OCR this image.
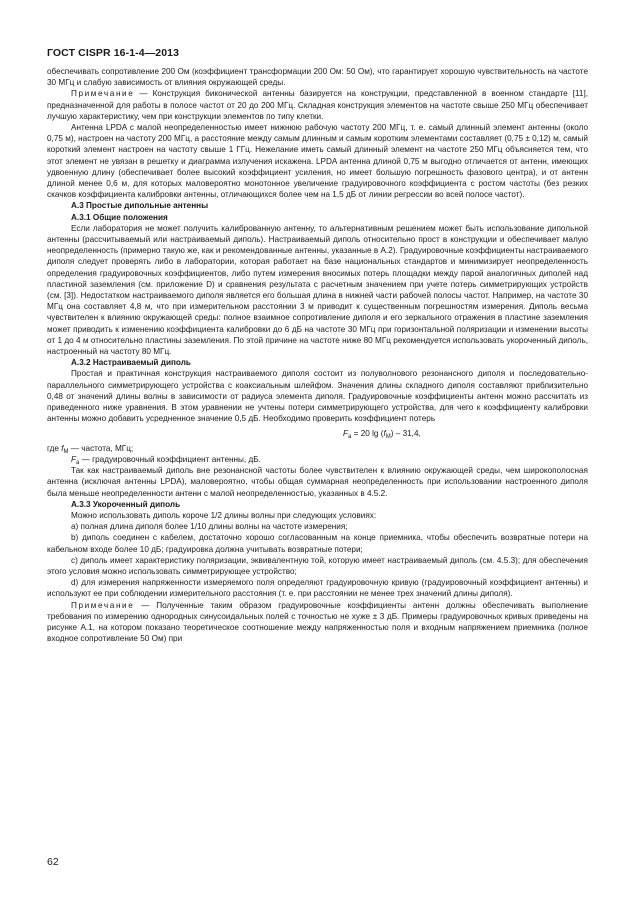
ГОСТ CISPR 16-1-4—2013

обеспечивать сопротивление 200 Ом (коэффициент трансформации 200 Ом: 50 Ом), что гарантирует хорошую чувствительность на частоте 30 МГц и слабую зависимость от влияния окружающей среды.

Примечание — Конструкция биконической антенны базируется на конструкции, представленной в военном стандарте [11], предназначенной для работы в полосе частот от 20 до 200 МГц. Складная конструкция элементов на частоте свыше 250 МГц обеспечивает лучшую характеристику, чем при конструкции элементов по типу клетки.

Антенна LPDA с малой неопределенностью имеет нижнюю рабочую частоту 200 МГц, т. е. самый длинный элемент антенны (около 0,75 м), настроен на частоту 200 МГц, а расстояние между самым длинным и самым коротким элементами составляет (0,75 ± 0,12) м, самый короткий элемент настроен на частоту свыше 1 ГГц. Нежелание иметь самый длинный элемент на частоте 250 МГц объясняется тем, что этот элемент не увязан в решетку и диаграмма излучения искажена. LPDA антенна длиной 0,75 м выгодно отличается от антенн, имеющих удвоенную длину (обеспечивает более высокий коэффициент усиления, но имеет большую погрешность фазового центра), и от антенн длиной менее 0,6 м, для которых маловероятно монотонное увеличение градуировочного коэффициента с ростом частоты (без резких скачков коэффициента калибровки антенны, отличающихся более чем на 1,5 дБ от линии регрессии во всей полосе частот).

А.3 Простые дипольные антенны

А.3.1 Общие положения

Если лаборатория не может получить калиброванную антенну, то альтернативным решением может быть использование дипольной антенны (рассчитываемый или настраиваемый диполь). Настраиваемый диполь относительно прост в конструкции и обеспечивает малую неопределенность (примерно такую же, как и рекомендованные антенны, указанные в А.2). Градуировочные коэффициенты настраиваемого диполя следует проверять либо в лаборатории, которая работает на базе национальных стандартов и минимизирует неопределенность определения градуировочных коэффициентов, либо путем измерения вносимых потерь площадки между парой аналогичных диполей над пластиной заземления (см. приложение D) и сравнения результата с расчетным значением при учете потерь симметрирующих устройств (см. [3]). Недостатком настраиваемого диполя является его большая длина в нижней части рабочей полосы частот. Например, на частоте 30 МГц она составляет 4,8 м, что при измерительном расстоянии 3 м приводит к существенным погрешностям измерения. Диполь весьма чувствителен к влиянию окружающей среды: полное взаимное сопротивление диполя и его зеркального отражения в пластине заземления может приводить к изменению коэффициента калибровки до 6 дБ на частоте 30 МГц при горизонтальной поляризации и изменении высоты от 1 до 4 м относительно пластины заземления. По этой причине на частоте ниже 80 МГц рекомендуется использовать укороченный диполь, настроенный на частоту 80 МГц.

А.3.2 Настраиваемый диполь

Простая и практичная конструкция настраиваемого диполя состоит из полуволнового резонансного диполя и последовательно-параллельного симметрирующего устройства с коаксиальным шлейфом. Значения длины складного диполя составляют приблизительно 0,48 от значений длины волны в зависимости от радиуса элемента диполя. Градуировочные коэффициенты антенн можно рассчитать из приведенного ниже уравнения. В этом уравнении не учтены потери симметрирующего устройства, для чего к коэффициенту калибровки антенны можно добавить усредненное значение 0,5 дБ. Необходимо проверить коэффициент потерь

$F_a = 20$ $\lg (f_M) - 31,4$,

где $f_M$ — частота, МГц;

$F_a$ — градуировочный коэффициент антенны, дБ.

Так как настраиваемый диполь вне резонансной частоты более чувствителен к влиянию окружающей среды, чем широкополосная антенна (исключая антенны LPDA), маловероятно, чтобы общая суммарная неопределенность при использовании настроенного диполя была меньше неопределенности антенн с малой неопределенностью, указанных в 4.5.2.

А.3.3 Укороченный диполь

Можно использовать диполь короче 1/2 длины волны при следующих условиях:

а) полная длина диполя более 1/10 длины волны на частоте измерения;

b) диполь соединен с кабелем, достаточно хорошо согласованным на конце приемника, чтобы обеспечить возвратные потери на кабельном входе более 10 дБ; градуировка должна учитывать возвратные потери;

с) диполь имеет характеристику поляризации, эквивалентную той, которую имеет настраиваемый диполь (см. 4.5.3); для обеспечения этого условия можно использовать симметрирующее устройство;

d) для измерения напряженности измеряемого поля определяют градуировочную кривую (градуировочный коэффициент антенны) и используют ее при соблюдении измерительного расстояния (т. е. при расстоянии не менее трех значений длины диполя).

Примечание — Полученные таким образом градуировочные коэффициенты антенн должны обеспечивать выполнение требования по измерению однородных синусоидальных полей с точностью не хуже ± 3 дБ. Примеры градуировочных кривых приведены на рисунке А.1, на котором показано теоретическое соотношение между напряженностью поля и входным напряжением приемника (полное входное сопротивление 50 Ом) при

62
